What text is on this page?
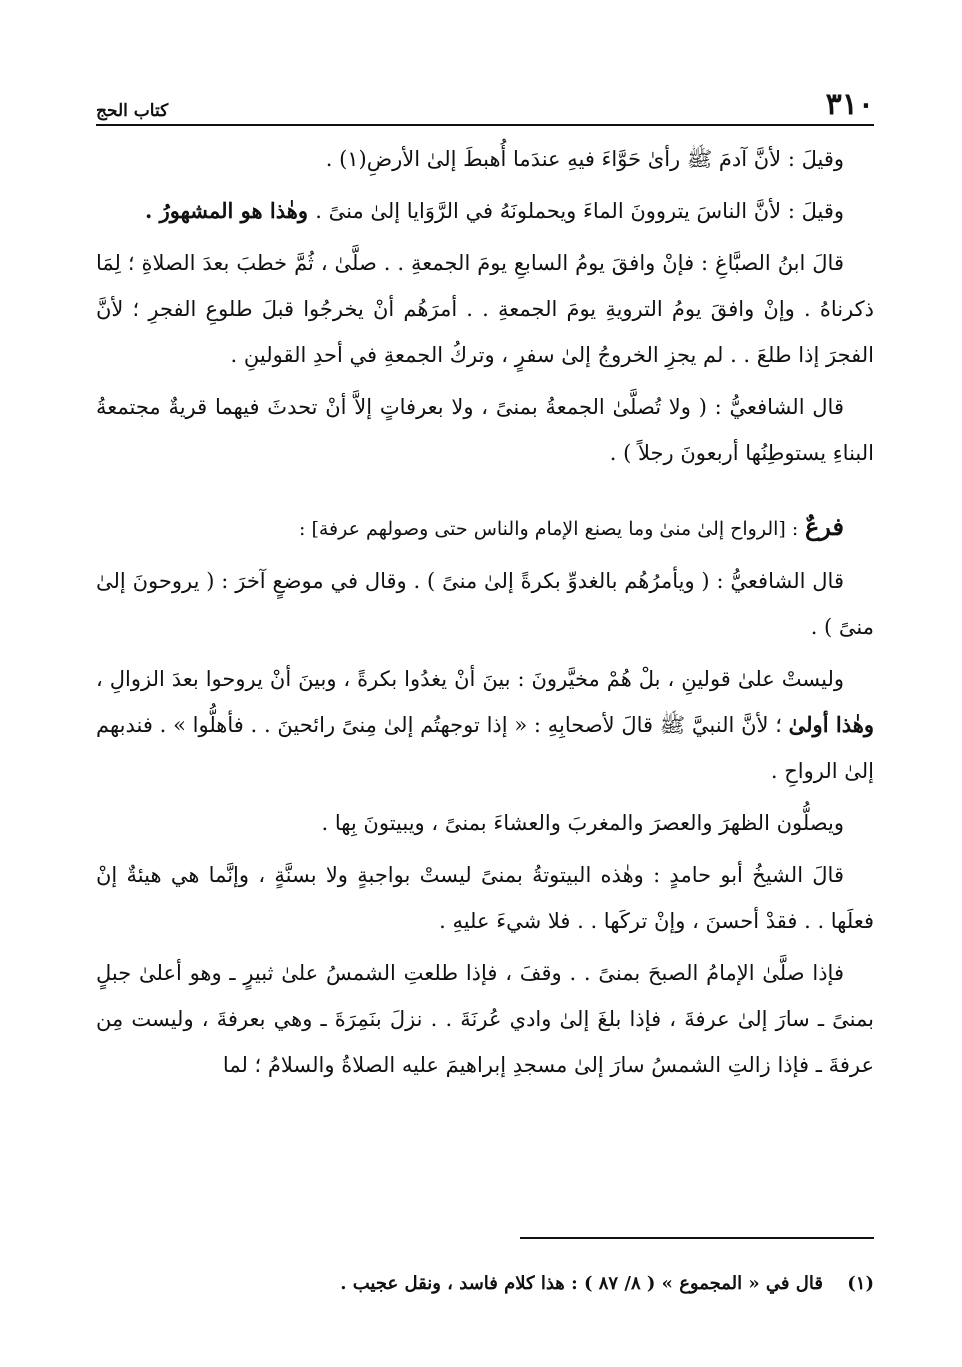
كتاب الحج	٣١٠

وقيلَ : لأنَّ آدمَ ﷺ رأىٰ حَوَّاءَ فيهِ عندَما أُهبطَ إلىٰ الأرضِ(١) .

وقيلَ : لأنَّ الناسَ يتروونَ الماءَ ويحملونَهُ في الرَّوَايا إلىٰ منىً . وهٰذا هو المشهورُ .

قالَ ابنُ الصبَّاغِ : فإنْ وافقَ يومُ السابعِ يومَ الجمعةِ . . صلَّىٰ ، ثُمَّ خطبَ بعدَ الصلاةِ ؛ لِمَا ذكرناهُ . وإنْ وافقَ يومُ الترويةِ يومَ الجمعةِ . . أمرَهُم أنْ يخرجُوا قبلَ طلوعِ الفجرِ ؛ لأنَّ الفجرَ إذا طلعَ . . لم يجزِ الخروجُ إلىٰ سفرٍ ، وتركُ الجمعةِ في أحدِ القولينِ .

قال الشافعيُّ : ( ولا تُصلَّىٰ الجمعةُ بمنىً ، ولا بعرفاتٍ إلاَّ أنْ تحدثَ فيهما قريةٌ مجتمعةُ البناءِ يستوطِنُها أربعونَ رجلاً ) .

فرعٌ : [الرواح إلىٰ منىٰ وما يصنع الإمام والناس حتى وصولهم عرفة] :

قال الشافعيُّ : ( ويأمرُهُم بالغدوِّ بكرةً إلىٰ منىً ) . وقال في موضعٍ آخرَ : ( يروحونَ إلىٰ منىً ) .

وليستْ علىٰ قولينِ ، بلْ هُمْ مخيَّرونَ : بينَ أنْ يغدُوا بكرةً ، وبينَ أنْ يروحوا بعدَ الزوالِ ، وهٰذا أولىٰ ؛ لأنَّ النبيَّ ﷺ قالَ لأصحابِهِ : « إذا توجهتُم إلىٰ مِنىً رائحينَ . . فأهلُّوا » . فندبهم إلىٰ الرواحِ .

ويصلُّون الظهرَ والعصرَ والمغربَ والعشاءَ بمنىً ، ويبيتونَ بِها .

قالَ الشيخُ أبو حامدٍ : وهٰذه البيتوتةُ بمنىً ليستْ بواجبةٍ ولا بسنَّةٍ ، وإنَّما هي هيئةٌ إنْ فعلَها . . فقدْ أحسنَ ، وإنْ تركَها . . فلا شيءَ عليهِ .

فإذا صلَّىٰ الإمامُ الصبحَ بمنىً . . وقفَ ، فإذا طلعتِ الشمسُ علىٰ ثبيرٍ ـ وهو أعلىٰ جبلٍ بمنىً ـ سارَ إلىٰ عرفةَ ، فإذا بلغَ إلىٰ وادي عُرنَةَ . . نزلَ بنَمِرَةَ ـ وهي بعرفةَ ، وليست مِن عرفةَ ـ فإذا زالتِ الشمسُ سارَ إلىٰ مسجدِ إبراهيمَ عليه الصلاةُ والسلامُ ؛ لما

(١) قال في « المجموع » ( ٨/ ٨٧ ) : هذا كلام فاسد ، ونقل عجيب .
